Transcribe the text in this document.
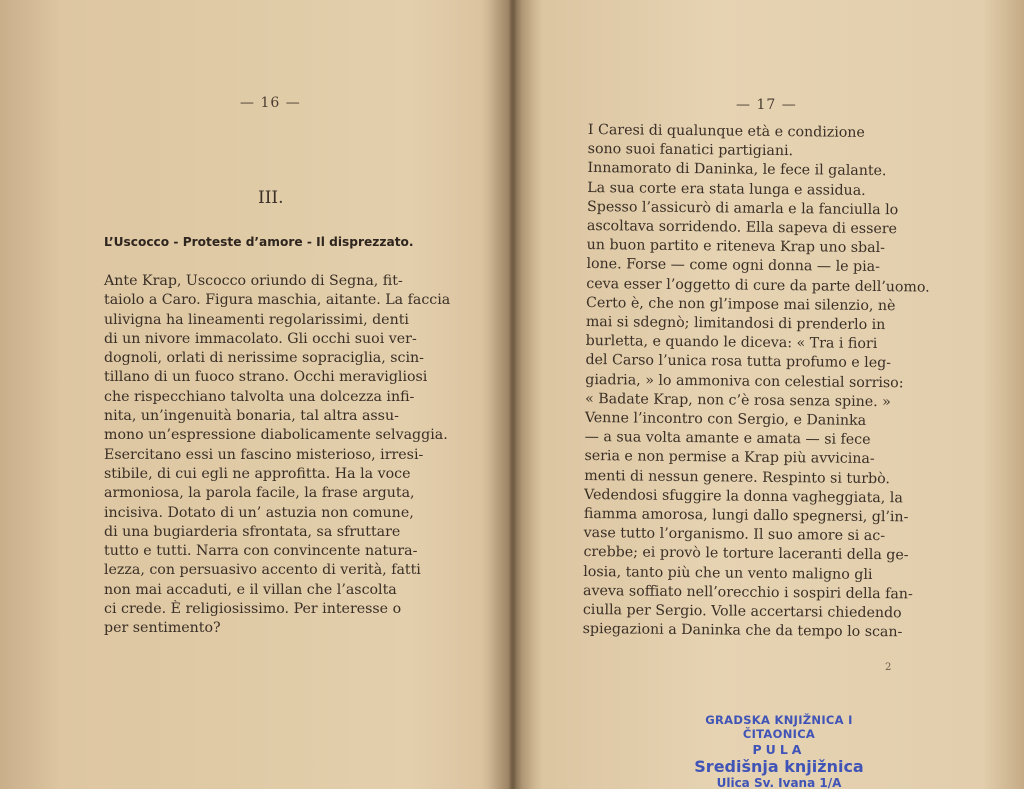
— 16 —
III.
L’Uscocco - Proteste d’amore - Il disprezzato.
Ante Krap, Uscocco oriundo di Segna, fit-
taiolo a Caro. Figura maschia, aitante. La faccia
ulivigna ha lineamenti regolarissimi, denti
di un nivore immacolato. Gli occhi suoi ver-
dognoli, orlati di nerissime sopraciglia, scin-
tillano di un fuoco strano. Occhi meravigliosi
che rispecchiano talvolta una dolcezza infi-
nita, un’ingenuità bonaria, tal altra assu-
mono un’espressione diabolicamente selvaggia.
Esercitano essi un fascino misterioso, irresi-
stibile, di cui egli ne approfitta. Ha la voce
armoniosa, la parola facile, la frase arguta,
incisiva. Dotato di un’ astuzia non comune,
di una bugiarderia sfrontata, sa sfruttare
tutto e tutti. Narra con convincente natura-
lezza, con persuasivo accento di verità, fatti
non mai accaduti, e il villan che l’ascolta
ci crede. È religiosissimo. Per interesse o
per sentimento?
— 17 —
I Caresi di qualunque età e condizione
sono suoi fanatici partigiani.
Innamorato di Daninka, le fece il galante.
La sua corte era stata lunga e assidua.
Spesso l’assicurò di amarla e la fanciulla lo
ascoltava sorridendo. Ella sapeva di essere
un buon partito e riteneva Krap uno sbal-
lone. Forse — come ogni donna — le pia-
ceva esser l’oggetto di cure da parte dell’uomo.
Certo è, che non gl’impose mai silenzio, nè
mai si sdegnò; limitandosi di prenderlo in
burletta, e quando le diceva: « Tra i fiori
del Carso l’unica rosa tutta profumo e leg-
giadria, » lo ammoniva con celestial sorriso:
« Badate Krap, non c’è rosa senza spine. »
Venne l’incontro con Sergio, e Daninka
— a sua volta amante e amata — si fece
seria e non permise a Krap più avvicina-
menti di nessun genere. Respinto si turbò.
Vedendosi sfuggire la donna vagheggiata, la
fiamma amorosa, lungi dallo spegnersi, gl’in-
vase tutto l’organismo. Il suo amore si ac-
crebbe; ei provò le torture laceranti della ge-
losia, tanto più che un vento maligno gli
aveva soffiato nell’orecchio i sospiri della fan-
ciulla per Sergio. Volle accertarsi chiedendo
spiegazioni a Daninka che da tempo lo scan-
2
GRADSKA KNJIŽNICA I ČITAONICA
PULA
Središnja knjižnica
Ulica Sv. Ivana 1/A
